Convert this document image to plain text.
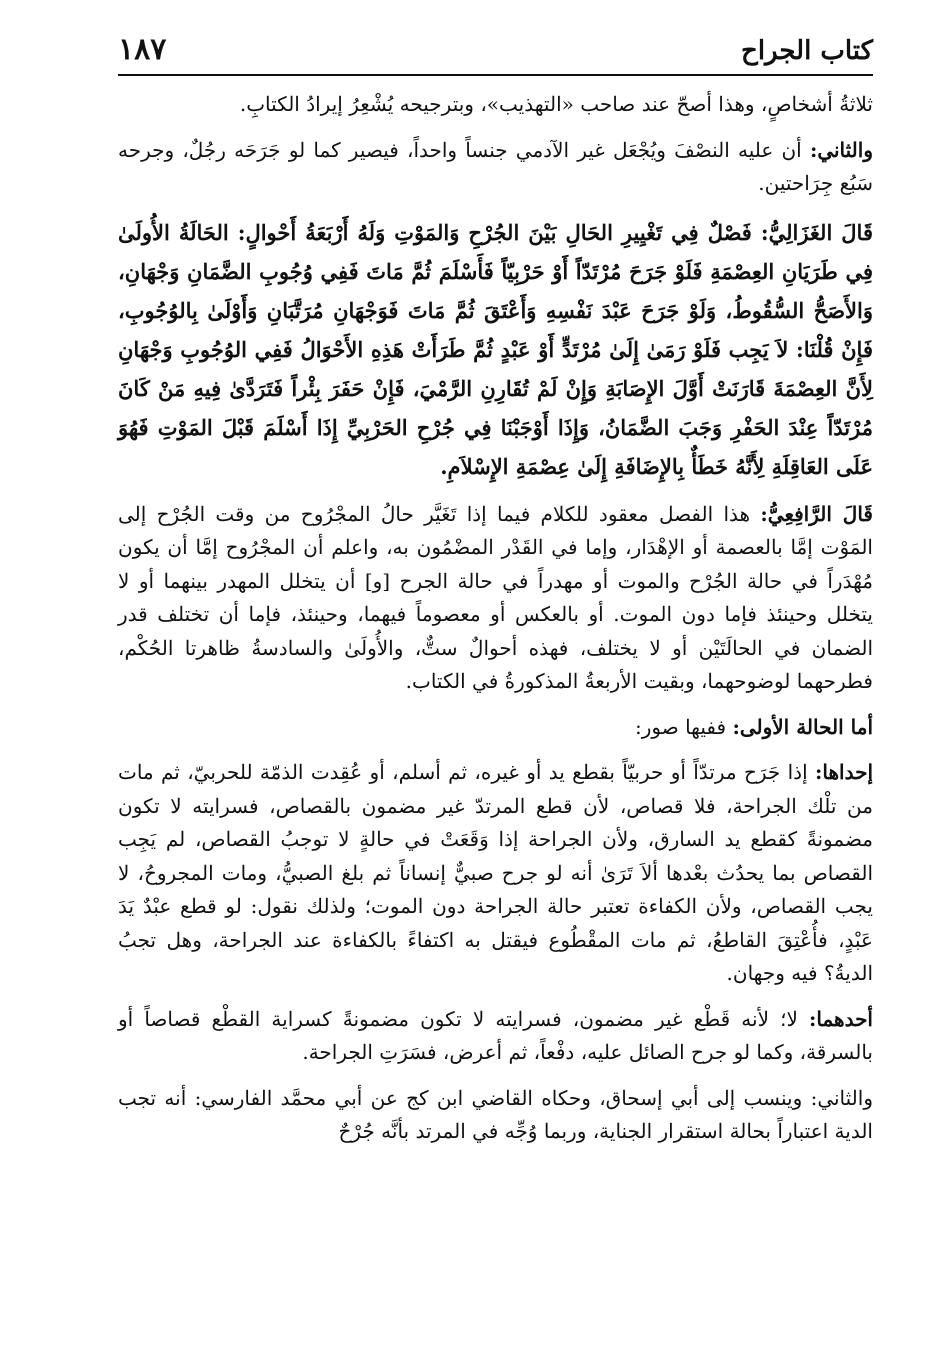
كتاب الجراح
١٨٧

ثلاثةُ أشخاصٍ، وهذا أصحّ عند صاحب «التهذيب»، وبترجيحه يُشْعِرُ إيرادُ الكتابِ.

والثاني: أن عليه النصْفَ ويُجْعَل غير الآدمي جنساً واحداً، فيصير كما لو جَرَحَه رجُلٌ، وجرحه سَبُع جِرَاحتين.

قَالَ الغَزَالِيُّ: فَصْلٌ فِي تَغْيِيرِ الحَالِ بَيْنَ الجُرْحِ وَالمَوْتِ وَلَهُ أَرْبَعَةُ أَحْوالٍ: الحَالَةُ الأُولَىٰ فِي طَرَيَانِ العِصْمَةِ فَلَوْ جَرَحَ مُرْتَدّاً أَوْ حَرْبِيّاً فَأَسْلَمَ ثُمَّ مَاتَ فَفِي وُجُوبِ الضَّمَانِ وَجْهَانِ، وَالأَصَحُّ السُّقُوطُ، وَلَوْ جَرَحَ عَبْدَ نَفْسِهِ وَأَعْتَقَ ثُمَّ مَاتَ فَوَجْهَانِ مُرَتَّبَانِ وَأَوْلَىٰ بِالوُجُوبِ، فَإِنْ قُلْنَا: لاَ يَجِب فَلَوْ رَمَىٰ إِلَىٰ مُرْتَدٍّ أَوْ عَبْدٍ ثُمَّ طَرَأَتْ هَذِهِ الأَحْوَالُ فَفِي الوُجُوبِ وَجْهَانِ لِأَنَّ العِصْمَةَ قَارَنَتْ أَوَّلَ الإِصَابَةِ وَإِنْ لَمْ تُقَارِنِ الرَّمْيَ، فَإِنْ حَفَرَ بِئْراً فَتَرَدَّىٰ فِيهِ مَنْ كَانَ مُرْتَدّاً عِنْدَ الحَفْرِ وَجَبَ الضَّمَانُ، وَإِذَا أَوْجَبْنَا فِي جُرْحِ الحَرْبِيِّ إِذَا أَسْلَمَ قَبْلَ المَوْتِ فَهُوَ عَلَى العَاقِلَةِ لِأَنَّهُ خَطَأٌ بِالإِضَافَةِ إِلَىٰ عِصْمَةِ الإِسْلاَمِ.

قَالَ الرَّافِعِيُّ: هذا الفصل معقود للكلام فيما إذا تَغَيَّر حالُ المجْرُوح من وقت الجُرْح إلى المَوْت إمَّا بالعصمة أو الإهْدَار، وإما في القَدْر المضْمُون به، واعلم أن المجْرُوح إمَّا أن يكون مُهْدَراً في حالة الجُرْح والموت أو مهدراً في حالة الجرح [و] أن يتخلل المهدر بينهما أو لا يتخلل وحينئذ فإما دون الموت. أو بالعكس أو معصوماً فيهما، وحينئذ، فإما أن تختلف قدر الضمان في الحالَتَيْن أو لا يختلف، فهذه أحوالٌ ستٌّ، والأُولَىٰ والسادسةُ ظاهرتا الحُكْم، فطرحهما لوضوحهما، وبقيت الأربعةُ المذكورةُ في الكتاب.

أما الحالة الأولى: ففيها صور:

إحداها: إذا جَرَح مرتدّاً أو حربيّاً بقطع يد أو غيره، ثم أسلم، أو عُقِدت الذمّة للحربيّ، ثم مات من تلْك الجراحة، فلا قصاص، لأن قطع المرتدّ غير مضمون بالقصاص، فسرايته لا تكون مضمونةً كقطع يد السارق، ولأن الجراحة إذا وَقَعَتْ في حالةٍ لا توجبُ القصاص، لم يَجِب القصاص بما يحدُث بعْدها ألاَ تَرَىٰ أنه لو جرح صبيٌّ إنساناً ثم بلغ الصبيُّ، ومات المجروحُ، لا يجب القصاص، ولأن الكفاءة تعتبر حالة الجراحة دون الموت؛ ولذلك نقول: لو قطع عبْدٌ يَدَ عَبْدٍ، فأُعْتِقَ القاطعُ، ثم مات المقْطُوع فيقتل به اكتفاءً بالكفاءة عند الجراحة، وهل تجبُ الديةُ؟ فيه وجهان.

أحدهما: لا؛ لأنه قَطْع غير مضمون، فسرايته لا تكون مضمونةً كسراية القطْع قصاصاً أو بالسرقة، وكما لو جرح الصائل عليه، دفْعاً، ثم أعرض، فسَرَتِ الجراحة.

والثاني: وينسب إلى أبي إسحاق، وحكاه القاضي ابن كج عن أبي محمَّد الفارسي: أنه تجب الدية اعتباراً بحالة استقرار الجناية، وربما وُجِّه في المرتد بأنَّه جُرْحٌ
